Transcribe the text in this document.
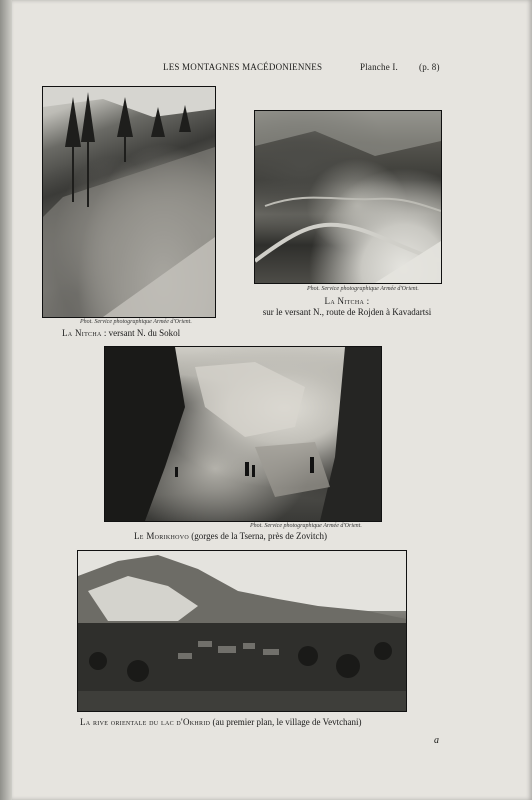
LES MONTAGNES MACÉDONIENNES	Planche I. (p. 8)
Phot. Service photographique Armée d'Orient.
La Nitcha : versant N. du Sokol
Phot. Service photographique Armée d'Orient.
La Nitcha :
sur le versant N., route de Rojden à Kavadartsi
Phot. Service photographique Armée d'Orient.
Le Morikhovo (gorges de la Tserna, près de Zovitch)
La rive orientale du lac d'Okhrid (au premier plan, le village de Vevtchani)
a
